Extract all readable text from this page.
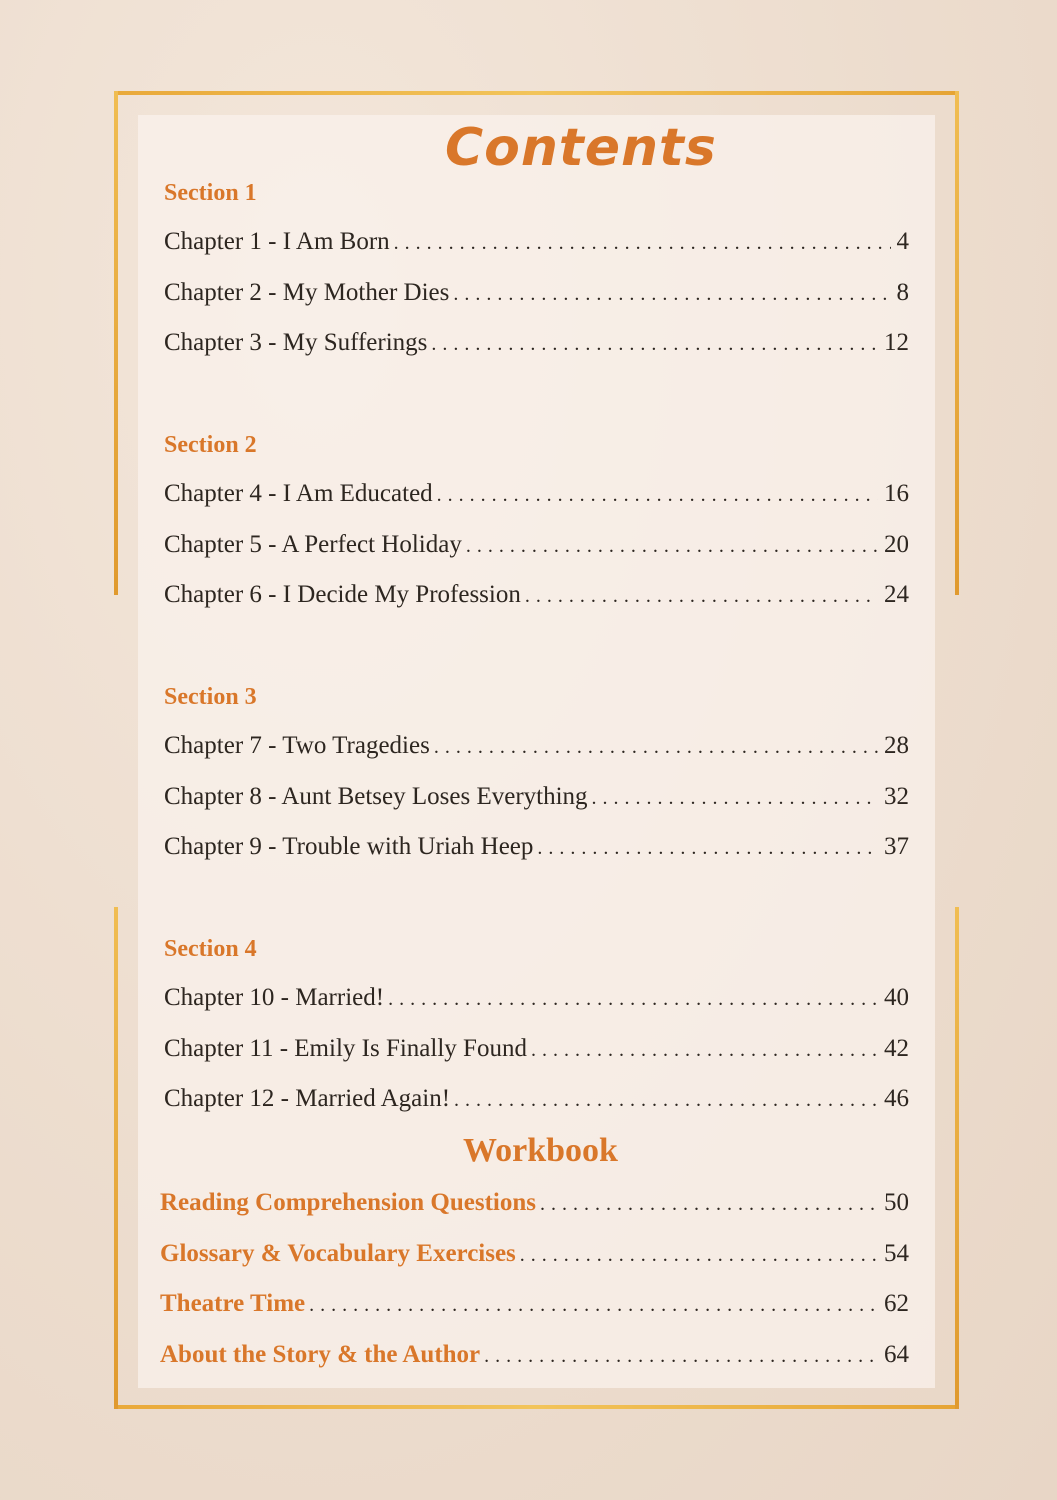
Contents
Section 1
Chapter 1 - I Am Born .....	4
Chapter 2 - My Mother Dies .....	8
Chapter 3 - My Sufferings .....	12
Section 2
Chapter 4 - I Am Educated .....	16
Chapter 5 - A Perfect Holiday .....	20
Chapter 6 - I Decide My Profession .....	24
Section 3
Chapter 7 - Two Tragedies .....	28
Chapter 8 - Aunt Betsey Loses Everything .....	32
Chapter 9 - Trouble with Uriah Heep .....	37
Section 4
Chapter 10 - Married! .....	40
Chapter 11 - Emily Is Finally Found .....	42
Chapter 12 - Married Again! .....	46
Workbook
Reading Comprehension Questions .....	50
Glossary & Vocabulary Exercises .....	54
Theatre Time .....	62
About the Story & the Author .....	64
